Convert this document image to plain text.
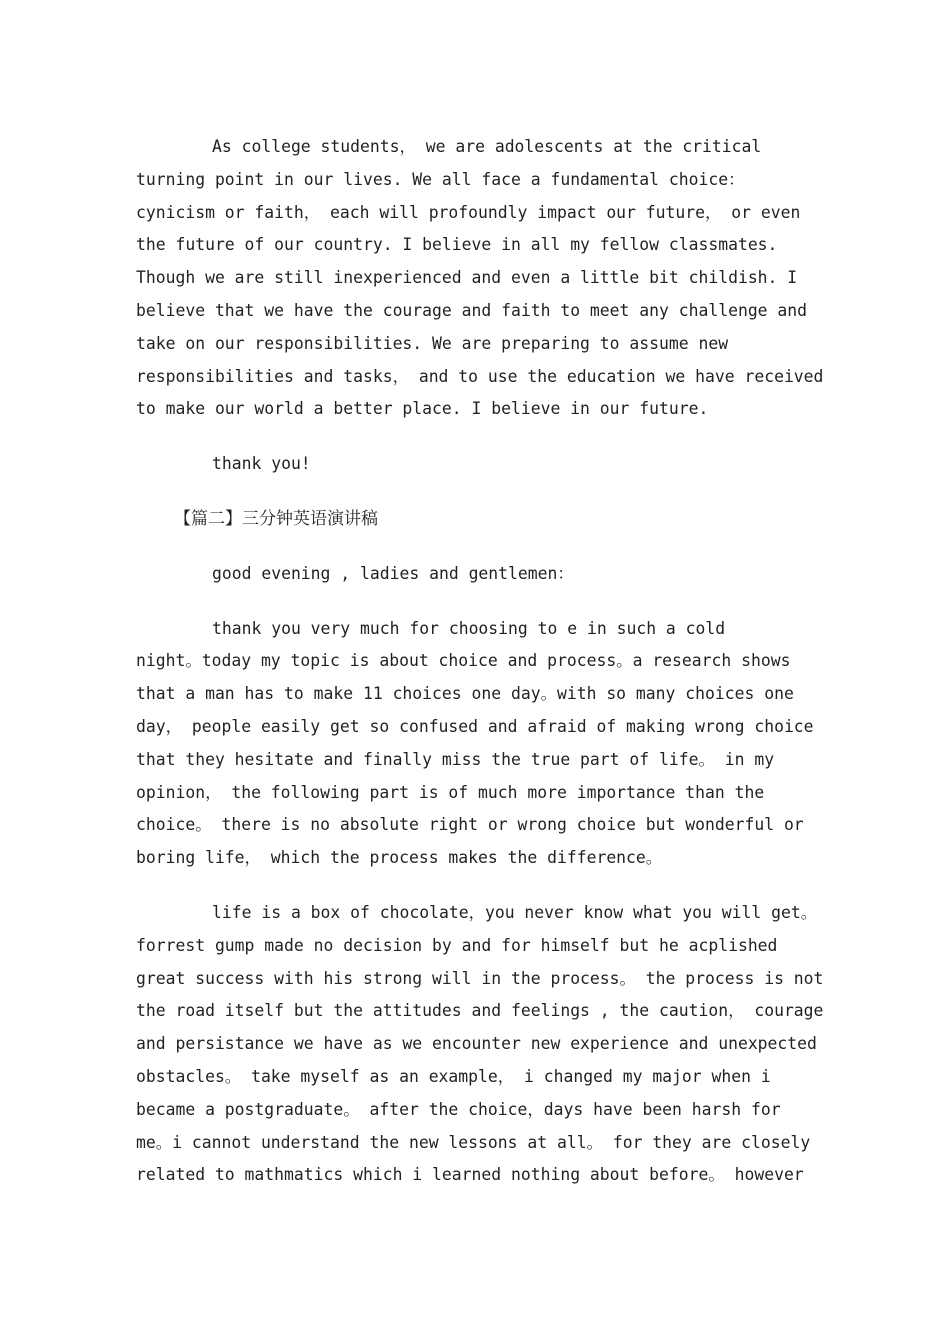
As college students， we are adolescents at the critical
turning point in our lives. We all face a fundamental choice：
cynicism or faith， each will profoundly impact our future， or even
the future of our country. I believe in all my fellow classmates.
Though we are still inexperienced and even a little bit childish. I
believe that we have the courage and faith to meet any challenge and
take on our responsibilities. We are preparing to assume new
responsibilities and tasks， and to use the education we have received
to make our world a better place. I believe in our future.

thank you!

【篇二】三分钟英语演讲稿

good evening , ladies and gentlemen：

thank you very much for choosing to e in such a cold
night。today my topic is about choice and process。a research shows
that a man has to make 11 choices one day。with so many choices one
day， people easily get so confused and afraid of making wrong choice
that they hesitate and finally miss the true part of life。 in my
opinion， the following part is of much more importance than the
choice。 there is no absolute right or wrong choice but wonderful or
boring life， which the process makes the difference。

life is a box of chocolate，you never know what you will get。
forrest gump made no decision by and for himself but he acplished
great success with his strong will in the process。 the process is not
the road itself but the attitudes and feelings , the caution， courage
and persistance we have as we encounter new experience and unexpected
obstacles。 take myself as an example， i changed my major when i
became a postgraduate。 after the choice，days have been harsh for
me。i cannot understand the new lessons at all。 for they are closely
related to mathmatics which i learned nothing about before。 however
